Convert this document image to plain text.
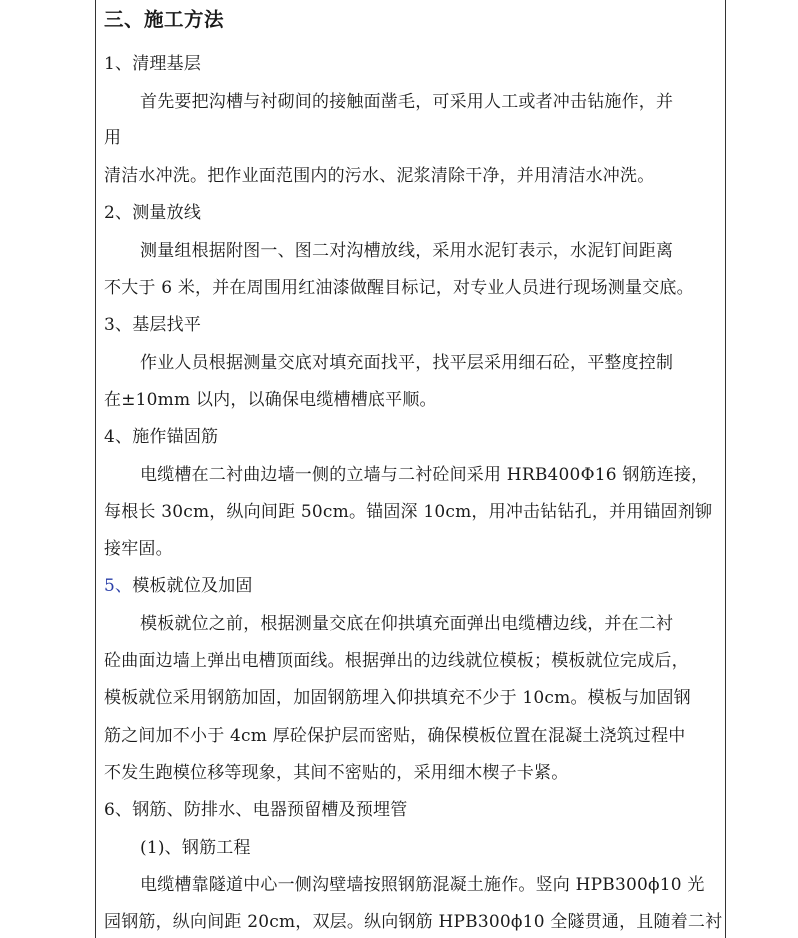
三、施工方法
1、清理基层
首先要把沟槽与衬砌间的接触面凿毛，可采用人工或者冲击钻施作，并
用
清洁水冲洗。把作业面范围内的污水、泥浆清除干净，并用清洁水冲洗。
2、测量放线
测量组根据附图一、图二对沟槽放线，采用水泥钉表示，水泥钉间距离
不大于 6 米，并在周围用红油漆做醒目标记，对专业人员进行现场测量交底。
3、基层找平
作业人员根据测量交底对填充面找平，找平层采用细石砼，平整度控制
在±10mm 以内，以确保电缆槽槽底平顺。
4、施作锚固筋
电缆槽在二衬曲边墙一侧的立墙与二衬砼间采用 HRB400Φ16 钢筋连接，
每根长 30cm，纵向间距 50cm。锚固深 10cm，用冲击钻钻孔，并用锚固剂铆
接牢固。
5、模板就位及加固
模板就位之前，根据测量交底在仰拱填充面弹出电缆槽边线，并在二衬
砼曲面边墙上弹出电槽顶面线。根据弹出的边线就位模板；模板就位完成后，
模板就位采用钢筋加固，加固钢筋埋入仰拱填充不少于 10cm。模板与加固钢
筋之间加不小于 4cm 厚砼保护层而密贴，确保模板位置在混凝土浇筑过程中
不发生跑模位移等现象，其间不密贴的，采用细木楔子卡紧。
6、钢筋、防排水、电器预留槽及预埋管
(1)、钢筋工程
电缆槽靠隧道中心一侧沟壁墙按照钢筋混凝土施作。竖向 HPB300ϕ10 光
园钢筋，纵向间距 20cm，双层。纵向钢筋 HPB300ϕ10 全隧贯通，且随着二衬
